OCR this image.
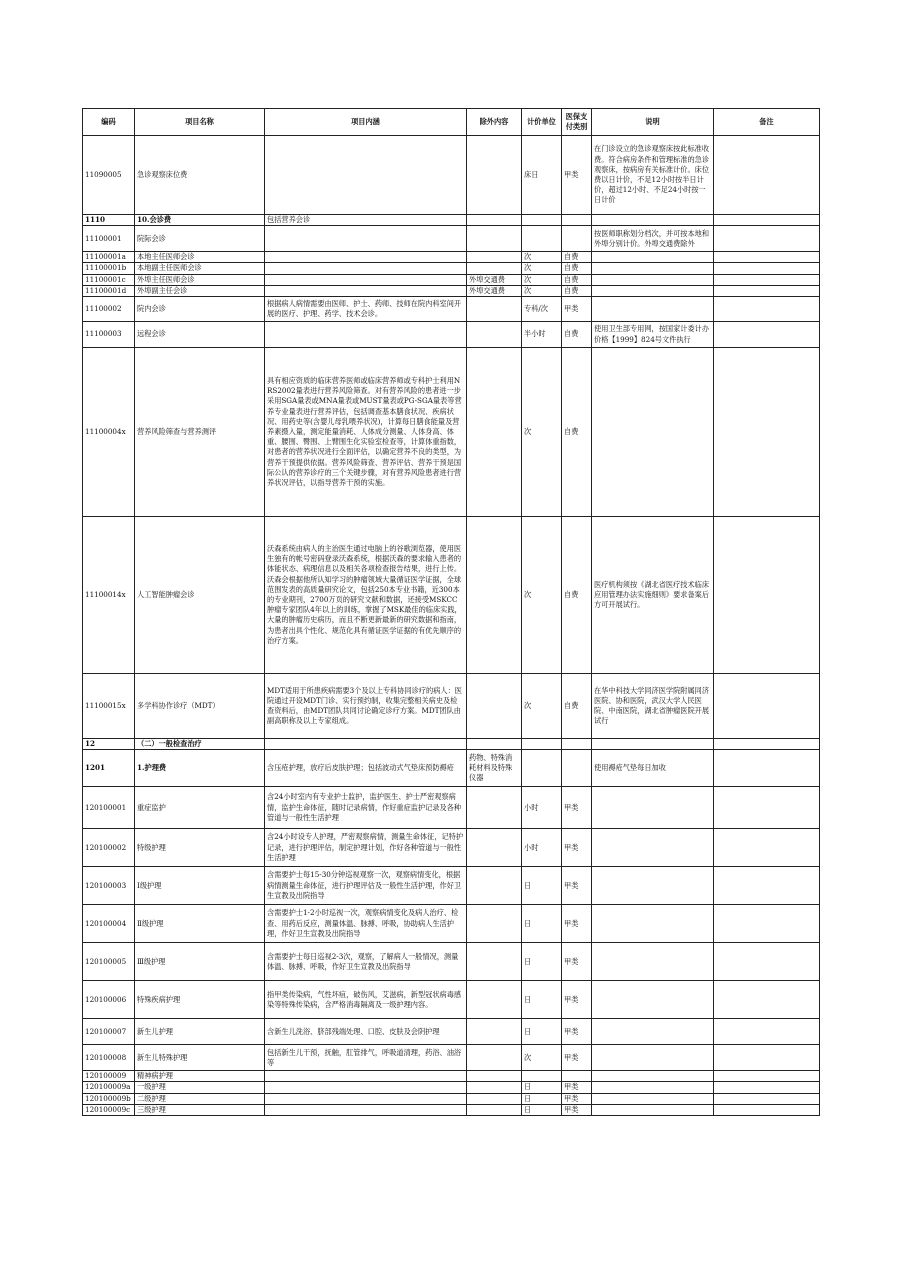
编码	项目名称	项目内涵	除外内容	计价单位	医保支付类别	说明	备注
11090005	急诊观察床位费			床日	甲类	在门诊设立的急诊观察床按此标准收费。符合病房条件和管理标准的急诊观察床，按病房有关标准计价。床位费以日计价，不足12小时按半日计价，超过12小时、不足24小时按一日计价	
1110	10.会诊费	包括营养会诊					
11100001	院际会诊					按医师职称划分档次，并可按本地和外埠分别计价。外埠交通费除外	
11100001a	本地主任医师会诊			次	自费		
11100001b	本地副主任医师会诊			次	自费		
11100001c	外埠主任医师会诊		外埠交通费	次	自费		
11100001d	外埠副主任会诊		外埠交通费	次	自费		
11100002	院内会诊	根据病人病情需要由医师、护士、药师、技师在院内科室间开展的医疗、护理、药学、技术会诊。		专科/次	甲类		
11100003	远程会诊			半小时	自费	使用卫生部专用网，按国家计委计办价格【1999】824号文件执行	
11100004x	营养风险筛查与营养测评	具有相应资质的临床营养医师或临床营养师或专科护士利用NRS2002量表进行营养风险筛查。对有营养风险的患者进一步采用SGA量表或MNA量表或MUST量表或PG-SGA量表等营养专业量表进行营养评估，包括调查基本膳食状况、疾病状况、用药史等(含婴儿母乳喂养状况)，计算每日膳食能量及营养素摄入量，测定能量消耗、人体成分测量、人体身高、体重、腰围、臀围、上臂围生化实验室检查等，计算体重指数，对患者的营养状况进行全面评估，以确定营养不良的类型，为营养干预提供依据。营养风险筛查、营养评估、营养干预是国际公认的营养诊疗的三个关键步骤，对有营养风险患者进行营养状况评估，以指导营养干预的实施。		次	自费		
11100014x	人工智能肿瘤会诊	沃森系统由病人的主治医生通过电脑上的谷歌浏览器，使用医生独有的帐号密码登录沃森系统，根据沃森的要求输入患者的体能状态、病理信息以及相关各项检查报告结果，进行上传。沃森会根据他所认知学习的肿瘤领域大量循证医学证据，全球范围发表的高质量研究论文，包括250本专业书籍，近300本的专业期刊，2700万页的研究文献和数据，还接受MSKCC肿瘤专家团队4年以上的训练，掌握了MSK最佳的临床实践，大量的肿瘤历史病历，而且不断更新最新的研究数据和指南，为患者出具个性化、规范化具有循证医学证据的有优先顺序的治疗方案。		次	自费	医疗机构须按《湖北省医疗技术临床应用管理办法实施细则》要求备案后方可开展试行。	
11100015x	多学科协作诊疗（MDT）	MDT适用于所患疾病需要3个及以上专科协同诊疗的病人：医院通过开设MDT门诊、实行预约制，收集完整相关病史及检查资料后，由MDT团队共同讨论确定诊疗方案。MDT团队由副高职称及以上专家组成。		次	自费	在华中科技大学同济医学院附属同济医院、协和医院，武汉大学人民医院、中南医院，湖北省肿瘤医院开展试行	
12	（二）一般检查治疗						
1201	1.护理费	含压疮护理，放疗后皮肤护理；包括波动式气垫床预防褥疮	药物、特殊消耗材料及特殊仪器			使用褥疮气垫每日加收	
120100001	重症监护	含24小时室内有专业护士监护，监护医生、护士严密观察病情，监护生命体征，随时记录病情，作好重症监护记录及各种管道与一般性生活护理		小时	甲类		
120100002	特级护理	含24小时设专人护理，严密观察病情，测量生命体征，记特护记录，进行护理评估，制定护理计划，作好各种管道与一般性生活护理		小时	甲类		
120100003	Ⅰ级护理	含需要护士每15-30分钟巡视观察一次，观察病情变化，根据病情测量生命体征，进行护理评估及一般性生活护理，作好卫生宣教及出院指导		日	甲类		
120100004	Ⅱ级护理	含需要护士1-2小时巡视一次，观察病情变化及病人治疗、检查、用药后反应，测量体温、脉搏、呼吸，协助病人生活护理，作好卫生宣教及出院指导		日	甲类		
120100005	Ⅲ级护理	含需要护士每日巡视2-3次，观察，了解病人一般情况，测量体温、脉搏、呼吸，作好卫生宣教及出院指导		日	甲类		
120100006	特殊疾病护理	指甲类传染病，气性坏疽，破伤风，艾滋病，新型冠状病毒感染等特殊传染病，含严格消毒隔离及一级护理内容。		日	甲类		
120100007	新生儿护理	含新生儿洗浴、脐部残端处理、口腔、皮肤及会阴护理		日	甲类		
120100008	新生儿特殊护理	包括新生儿干预，抚触，肛管排气，呼吸道清理，药浴、油浴等		次	甲类		
120100009	精神病护理						
120100009a	一级护理			日	甲类		
120100009b	二级护理			日	甲类		
120100009c	三级护理			日	甲类		
